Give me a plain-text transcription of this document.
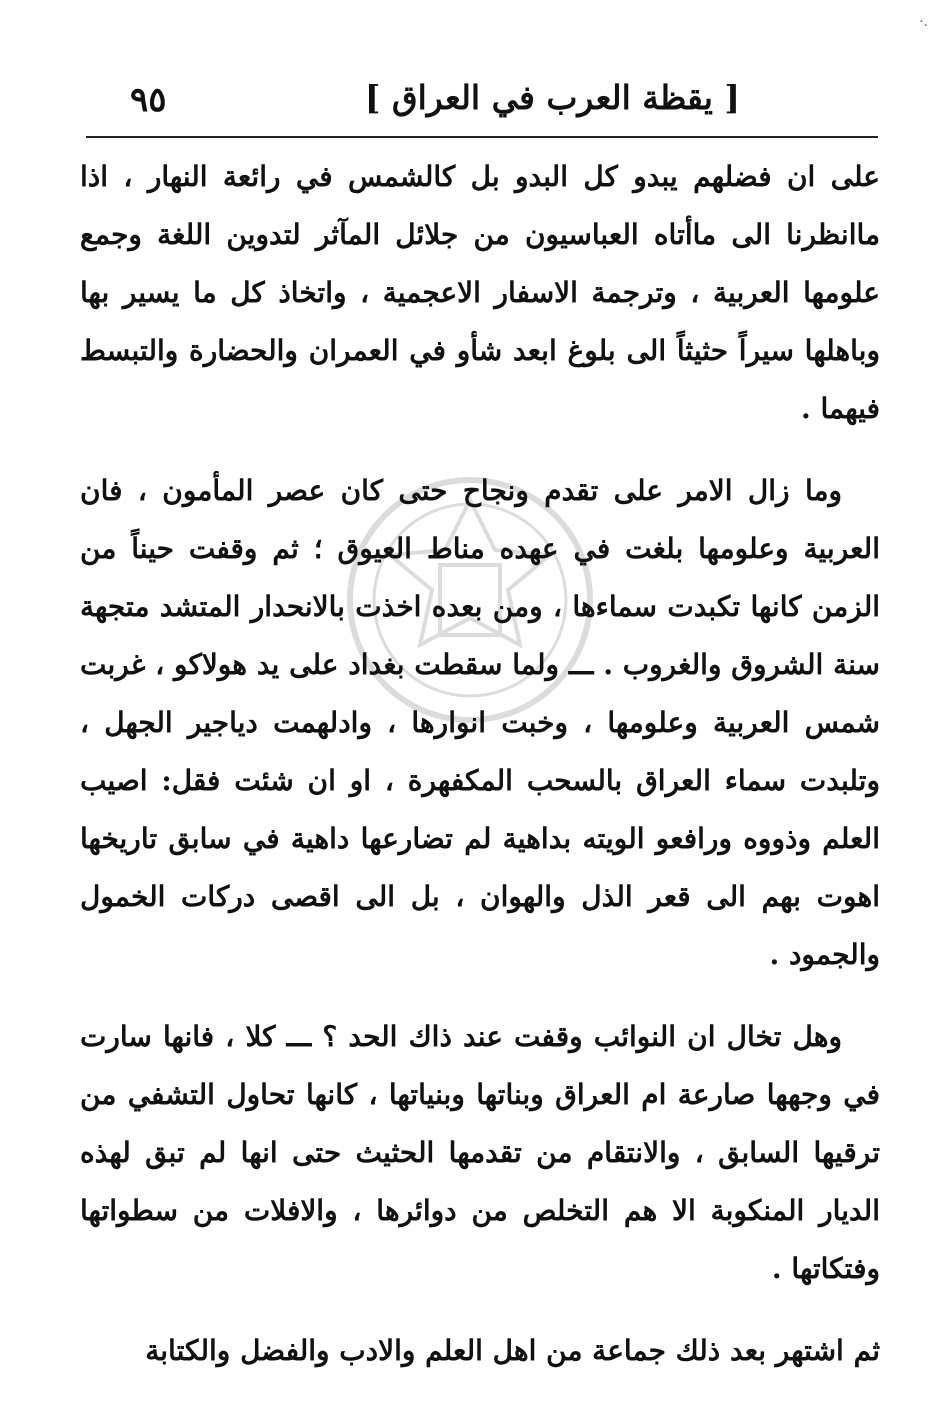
·.
[ يقظة العرب في العراق ]
٩٥

على ان فضلهم يبدو كل البدو بل كالشمس في رائعة النهار ، اذا ماانظرنا الى ماأتاه العباسيون من جلائل المآثر لتدوين اللغة وجمع علومها العربية ، وترجمة الاسفار الاعجمية ، واتخاذ كل ما يسير بها وباهلها سيراً حثيثاً الى بلوغ ابعد شأو في العمران والحضارة والتبسط فيهما .

وما زال الامر على تقدم ونجاح حتى كان عصر المأمون ، فان العربية وعلومها بلغت في عهده مناط العيوق ؛ ثم وقفت حيناً من الزمن كانها تكبدت سماءها ، ومن بعده اخذت بالانحدار المتشد متجهة سنة الشروق والغروب . ـــ ولما سقطت بغداد على يد هولاكو ، غربت شمس العربية وعلومها ، وخبت انوارها ، وادلهمت دياجير الجهل ، وتلبدت سماء العراق بالسحب المكفهرة ، او ان شئت فقل: اصيب العلم وذووه ورافعو الويته بداهية لم تضارعها داهية في سابق تاريخها اهوت بهم الى قعر الذل والهوان ، بل الى اقصى دركات الخمول والجمود .

وهل تخال ان النوائب وقفت عند ذاك الحد ؟ ـــ كلا ، فانها سارت في وجهها صارعة ام العراق وبناتها وبنياتها ، كانها تحاول التشفي من ترقيها السابق ، والانتقام من تقدمها الحثيث حتى انها لم تبق لهذه الديار المنكوبة الا هم التخلص من دوائرها ، والافلات من سطواتها وفتكاتها .

ثم اشتهر بعد ذلك جماعة من اهل العلم والادب والفضل والكتابة
